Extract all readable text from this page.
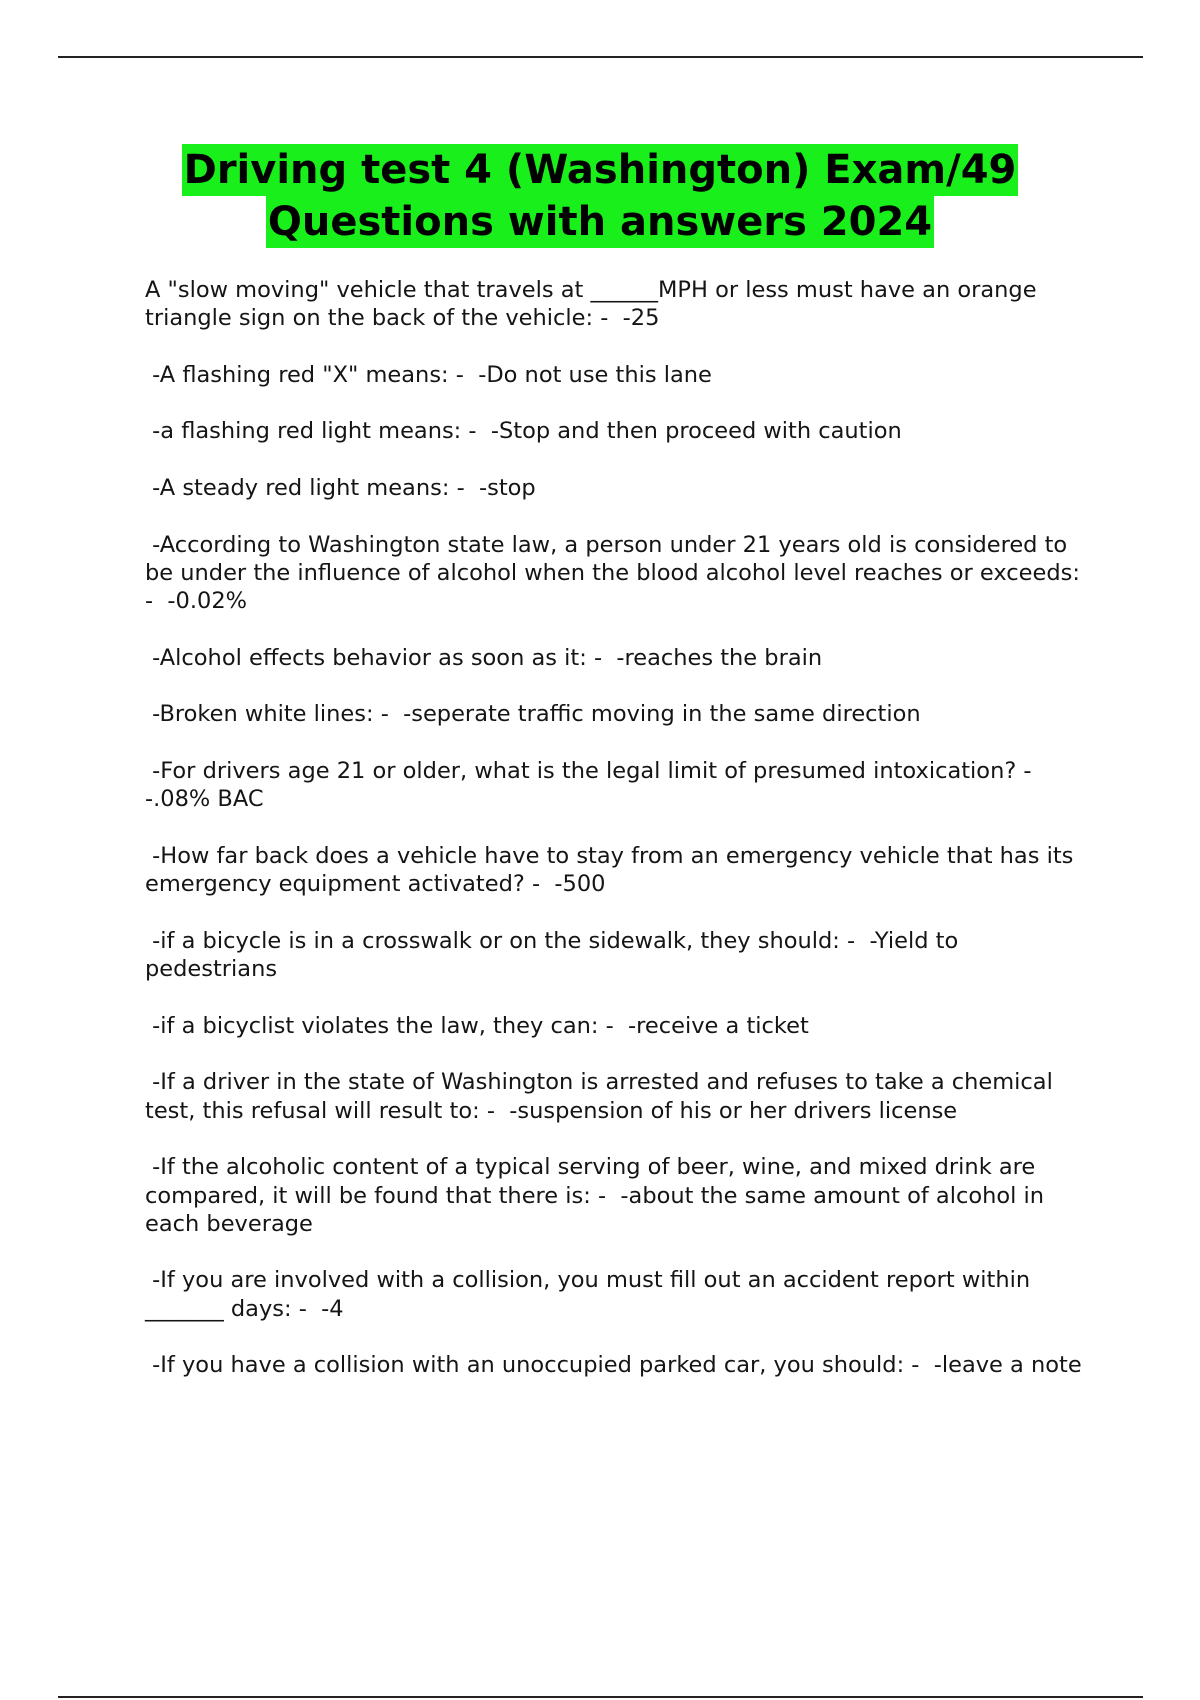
Driving test 4 (Washington) Exam/49
Questions with answers 2024
A "slow moving" vehicle that travels at ______MPH or less must have an orange triangle sign on the back of the vehicle: -  -25
-A flashing red "X" means: -  -Do not use this lane
-a flashing red light means: -  -Stop and then proceed with caution
-A steady red light means: -  -stop
-According to Washington state law, a person under 21 years old is considered to be under the influence of alcohol when the blood alcohol level reaches or exceeds: -  -0.02%
-Alcohol effects behavior as soon as it: -  -reaches the brain
-Broken white lines: -  -seperate traffic moving in the same direction
-For drivers age 21 or older, what is the legal limit of presumed intoxication? -  -.08% BAC
-How far back does a vehicle have to stay from an emergency vehicle that has its emergency equipment activated? -  -500
-if a bicycle is in a crosswalk or on the sidewalk, they should: -  -Yield to pedestrians
-if a bicyclist violates the law, they can: -  -receive a ticket
-If a driver in the state of Washington is arrested and refuses to take a chemical test, this refusal will result to: -  -suspension of his or her drivers license
-If the alcoholic content of a typical serving of beer, wine, and mixed drink are compared, it will be found that there is: -  -about the same amount of alcohol in each beverage
-If you are involved with a collision, you must fill out an accident report within _______ days: -  -4
-If you have a collision with an unoccupied parked car, you should: -  -leave a note
